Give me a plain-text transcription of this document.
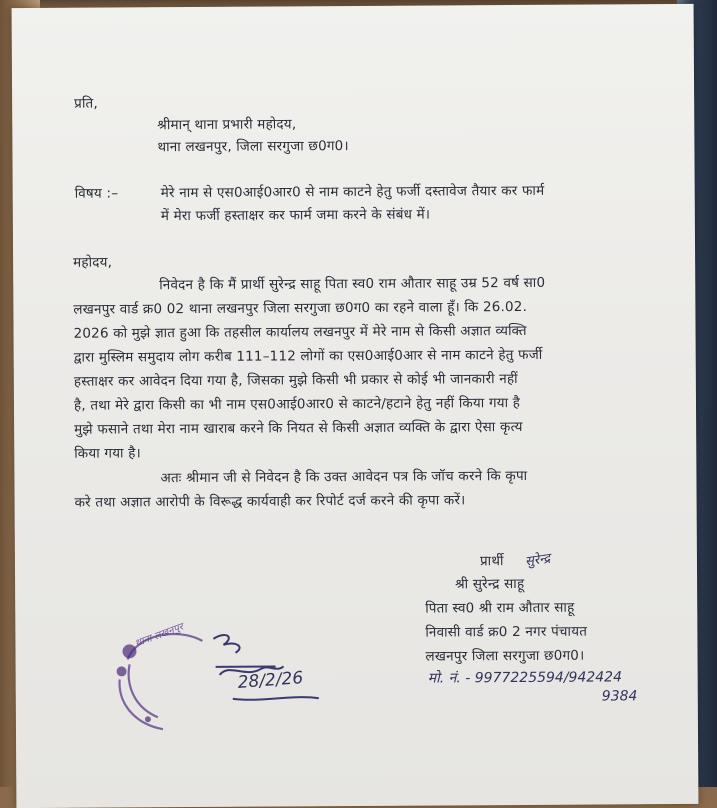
प्रति,
श्रीमान् थाना प्रभारी महोदय,
थाना लखनपुर, जिला सरगुजा छ0ग0।
विषय :–	मेरे नाम से एस0आई0आर0 से नाम काटने हेतु फर्जी दस्तावेज तैयार कर फार्म
में मेरा फर्जी हस्ताक्षर कर फार्म जमा करने के संबंध में।
महोदय,
निवेदन है कि मैं प्रार्थी सुरेन्द्र साहू पिता स्व0 राम औतार साहू उम्र 52 वर्ष सा0
लखनपुर वार्ड क्र0 02 थाना लखनपुर जिला सरगुजा छ0ग0 का रहने वाला हूँ। कि 26.02.
2026 को मुझे ज्ञात हुआ कि तहसील कार्यालय लखनपुर में मेरे नाम से किसी अज्ञात व्यक्ति
द्वारा मुस्लिम समुदाय लोग करीब 111–112 लोगों का एस0आई0आर से नाम काटने हेतु फर्जी
हस्ताक्षर कर आवेदन दिया गया है, जिसका मुझे किसी भी प्रकार से कोई भी जानकारी नहीं
है, तथा मेरे द्वारा किसी का भी नाम एस0आई0आर0 से काटने/हटाने हेतु नहीं किया गया है
मुझे फसाने तथा मेरा नाम खाराब करने कि नियत से किसी अज्ञात व्यक्ति के द्वारा ऐसा कृत्य
किया गया है।
अतः श्रीमान जी से निवेदन है कि उक्त आवेदन पत्र कि जॉच करने कि कृपा
करे तथा अज्ञात आरोपी के विरूद्ध कार्यवाही कर रिपोर्ट दर्ज करने की कृपा करें।
प्रार्थी सुरेन्द्र
श्री सुरेन्द्र साहू
पिता स्व0 श्री राम औतार साहू
निवासी वार्ड क्र0 2 नगर पंचायत
लखनपुर जिला सरगुजा छ0ग0।
मो. नं. - 9977225594/942424
9384
थाना लखनपुर
28/2/26
